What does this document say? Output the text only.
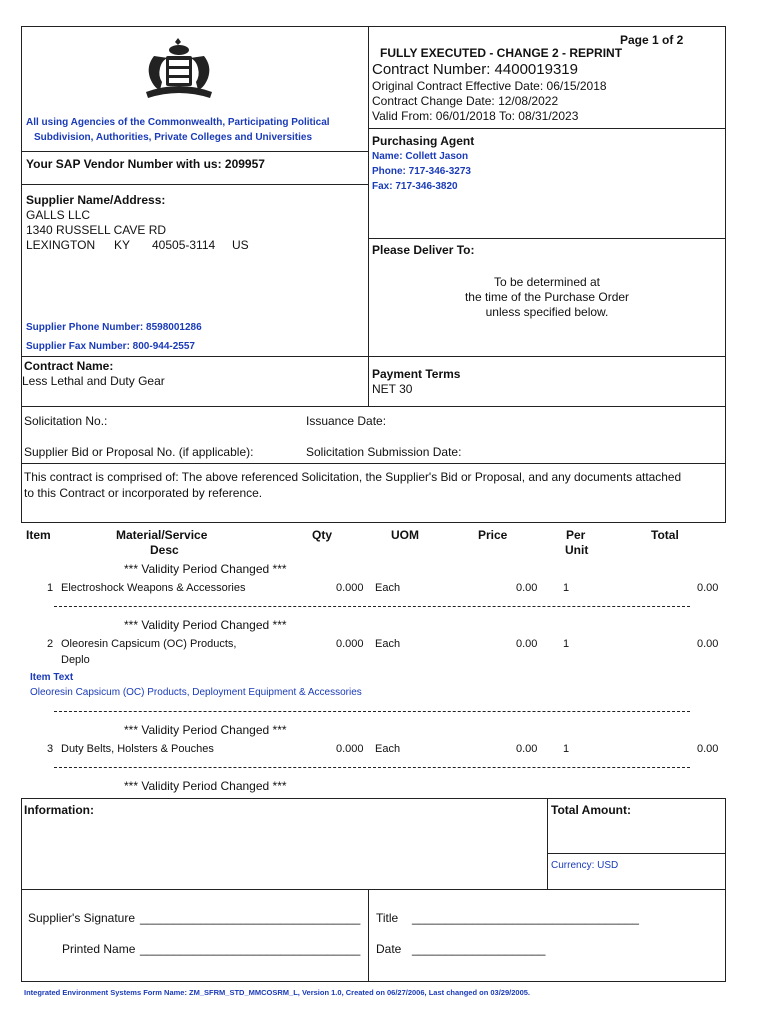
All using Agencies of the Commonwealth, Participating Political
Subdivision, Authorities, Private Colleges and Universities
Page 1 of 2
FULLY EXECUTED - CHANGE 2 - REPRINT
Contract Number: 4400019319
Original Contract Effective Date: 06/15/2018
Contract Change Date: 12/08/2022
Valid From: 06/01/2018 To: 08/31/2023
Your SAP Vendor Number with us: 209957
Purchasing Agent
Name: Collett Jason
Phone: 717-346-3273
Fax: 717-346-3820
Supplier Name/Address:
GALLS LLC
1340 RUSSELL CAVE RD
LEXINGTON KY 40505-3114 US
Supplier Phone Number: 8598001286
Supplier Fax Number: 800-944-2557
Please Deliver To:
To be determined at
the time of the Purchase Order
unless specified below.
Contract Name:
Less Lethal and Duty Gear	Payment Terms
NET 30
Solicitation No.:	Issuance Date:
Supplier Bid or Proposal No. (if applicable):	Solicitation Submission Date:
This contract is comprised of: The above referenced Solicitation, the Supplier's Bid or Proposal, and any documents attached
to this Contract or incorporated by reference.
Item	Material/Service
Desc
Qty	UOM	Price	Per
Unit
Total
*** Validity Period Changed ***
1 Electroshock Weapons & Accessories	0.000 Each	0.00 1	0.00
*** Validity Period Changed ***
2 Oleoresin Capsicum (OC) Products,
Deplo
0.000 Each	0.00 1	0.00
Item Text
Oleoresin Capsicum (OC) Products, Deployment Equipment & Accessories
*** Validity Period Changed ***
3 Duty Belts, Holsters & Pouches	0.000 Each	0.00 1	0.00
*** Validity Period Changed ***
Information:	Total Amount:
Currency: USD
Supplier's Signature _________________________________
Printed Name _________________________________
Title __________________________________
Date ____________________
Integrated Environment Systems Form Name: ZM_SFRM_STD_MMCOSRM_L, Version 1.0, Created on 06/27/2006, Last changed on 03/29/2005.
